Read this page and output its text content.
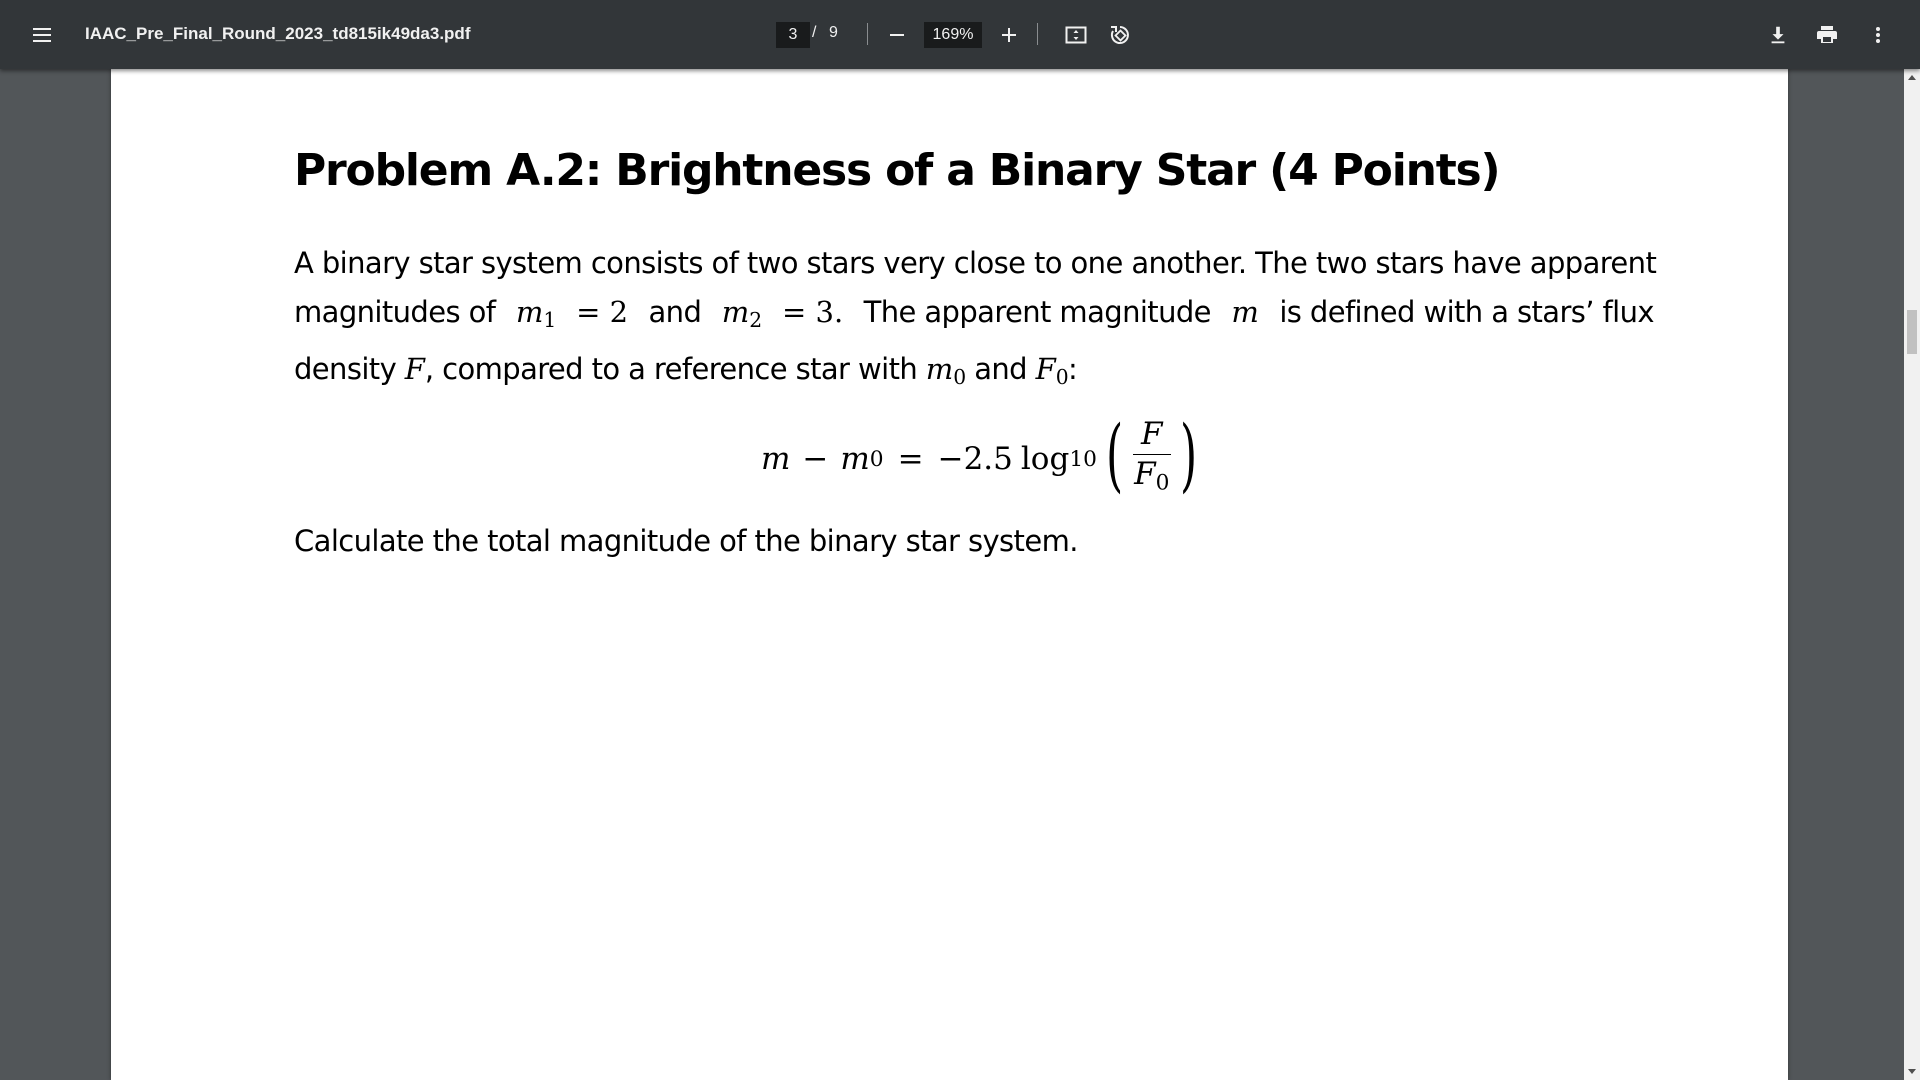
IAAC_Pre_Final_Round_2023_td815ik49da3.pdf
3	/ 9
169%
Problem A.2: Brightness of a Binary Star (4 Points)
A binary star system consists of two stars very close to one another. The two stars have apparent
magnitudes of $m_1 = 2$ and $m_2 = 3$. The apparent magnitude m is defined with a stars’ flux
density F, compared to a reference star with $m_0$ and $F_0$:
m − m 0 = −2.5 log 10 ( $\frac{F}{F_0}$ )

Calculate the total magnitude of the binary star system.
